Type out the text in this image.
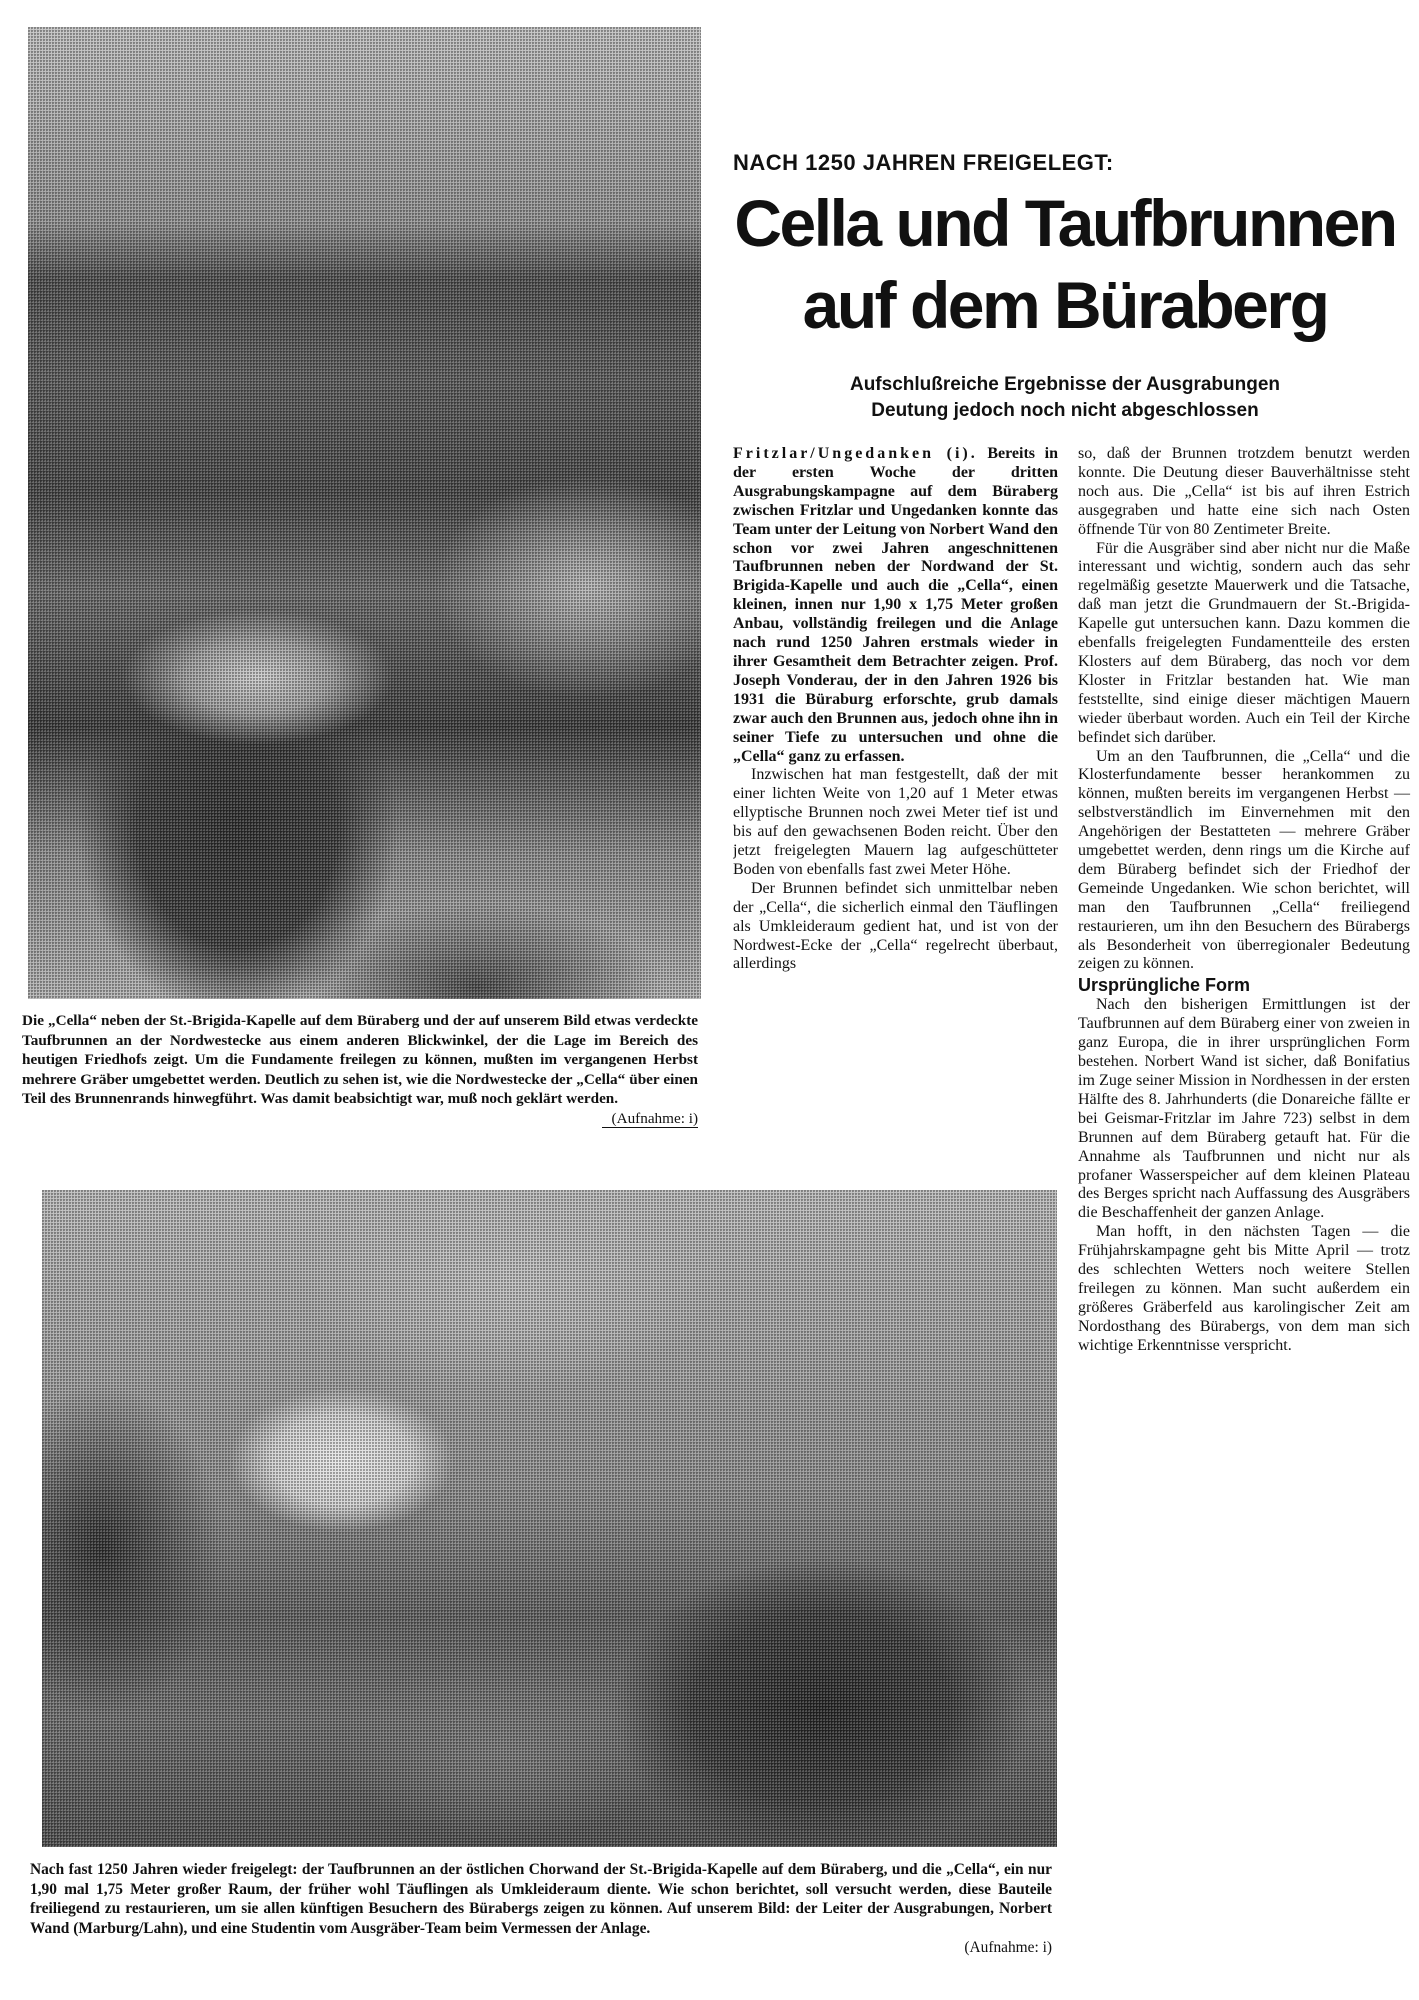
NACH 1250 JAHREN FREIGELEGT:
Cella und Taufbrunnen
auf dem Büraberg
Aufschlußreiche Ergebnisse der Ausgrabungen
Deutung jedoch noch nicht abgeschlossen

Fritzlar/Ungedanken (i). Bereits in der ersten Woche der dritten Ausgrabungskampagne auf dem Büraberg zwischen Fritzlar und Ungedanken konnte das Team unter der Leitung von Norbert Wand den schon vor zwei Jahren angeschnittenen Taufbrunnen neben der Nordwand der St. Brigida-Kapelle und auch die „Cella“, einen kleinen, innen nur 1,90 x 1,75 Meter großen Anbau, vollständig freilegen und die Anlage nach rund 1250 Jahren erstmals wieder in ihrer Gesamtheit dem Betrachter zeigen. Prof. Joseph Vonderau, der in den Jahren 1926 bis 1931 die Büraburg erforschte, grub damals zwar auch den Brunnen aus, jedoch ohne ihn in seiner Tiefe zu untersuchen und ohne die „Cella“ ganz zu erfassen.

Inzwischen hat man festgestellt, daß der mit einer lichten Weite von 1,20 auf 1 Meter etwas ellyptische Brunnen noch zwei Meter tief ist und bis auf den gewachsenen Boden reicht. Über den jetzt freigelegten Mauern lag aufgeschütteter Boden von ebenfalls fast zwei Meter Höhe.

Der Brunnen befindet sich unmittelbar neben der „Cella“, die sicherlich einmal den Täuflingen als Umkleideraum gedient hat, und ist von der Nordwest-Ecke der „Cella“ regelrecht überbaut, allerdings

so, daß der Brunnen trotzdem benutzt werden konnte. Die Deutung dieser Bauverhältnisse steht noch aus. Die „Cella“ ist bis auf ihren Estrich ausgegraben und hatte eine sich nach Osten öffnende Tür von 80 Zentimeter Breite.

Für die Ausgräber sind aber nicht nur die Maße interessant und wichtig, sondern auch das sehr regelmäßig gesetzte Mauerwerk und die Tatsache, daß man jetzt die Grundmauern der St.-Brigida-Kapelle gut untersuchen kann. Dazu kommen die ebenfalls freigelegten Fundamentteile des ersten Klosters auf dem Büraberg, das noch vor dem Kloster in Fritzlar bestanden hat. Wie man feststellte, sind einige dieser mächtigen Mauern wieder überbaut worden. Auch ein Teil der Kirche befindet sich darüber.

Um an den Taufbrunnen, die „Cella“ und die Klosterfundamente besser herankommen zu können, mußten bereits im vergangenen Herbst — selbstverständlich im Einvernehmen mit den Angehörigen der Bestatteten — mehrere Gräber umgebettet werden, denn rings um die Kirche auf dem Büraberg befindet sich der Friedhof der Gemeinde Ungedanken. Wie schon berichtet, will man den Taufbrunnen „Cella“ freiliegend restaurieren, um ihn den Besuchern des Bürabergs als Besonderheit von überregionaler Bedeutung zeigen zu können.

Ursprüngliche Form

Nach den bisherigen Ermittlungen ist der Taufbrunnen auf dem Büraberg einer von zweien in ganz Europa, die in ihrer ursprünglichen Form bestehen. Norbert Wand ist sicher, daß Bonifatius im Zuge seiner Mission in Nordhessen in der ersten Hälfte des 8. Jahrhunderts (die Donareiche fällte er bei Geismar-Fritzlar im Jahre 723) selbst in dem Brunnen auf dem Büraberg getauft hat. Für die Annahme als Taufbrunnen und nicht nur als profaner Wasserspeicher auf dem kleinen Plateau des Berges spricht nach Auffassung des Ausgräbers die Beschaffenheit der ganzen Anlage.

Man hofft, in den nächsten Tagen — die Frühjahrskampagne geht bis Mitte April — trotz des schlechten Wetters noch weitere Stellen freilegen zu können. Man sucht außerdem ein größeres Gräberfeld aus karolingischer Zeit am Nordosthang des Bürabergs, von dem man sich wichtige Erkenntnisse verspricht.

Die „Cella“ neben der St.-Brigida-Kapelle auf dem Büraberg und der auf unserem Bild etwas verdeckte Taufbrunnen an der Nordwestecke aus einem anderen Blickwinkel, der die Lage im Bereich des heutigen Friedhofs zeigt. Um die Fundamente freilegen zu können, mußten im vergangenen Herbst mehrere Gräber umgebettet werden. Deutlich zu sehen ist, wie die Nordwestecke der „Cella“ über einen Teil des Brunnenrands hinwegführt. Was damit beabsichtigt war, muß noch geklärt werden.
(Aufnahme: i)
Nach fast 1250 Jahren wieder freigelegt: der Taufbrunnen an der östlichen Chorwand der St.-Brigida-Kapelle auf dem Büraberg, und die „Cella“, ein nur 1,90 mal 1,75 Meter großer Raum, der früher wohl Täuflingen als Umkleideraum diente. Wie schon berichtet, soll versucht werden, diese Bauteile freiliegend zu restaurieren, um sie allen künftigen Besuchern des Bürabergs zeigen zu können. Auf unserem Bild: der Leiter der Ausgrabungen, Norbert Wand (Marburg/Lahn), und eine Studentin vom Ausgräber-Team beim Vermessen der Anlage.
(Aufnahme: i)
